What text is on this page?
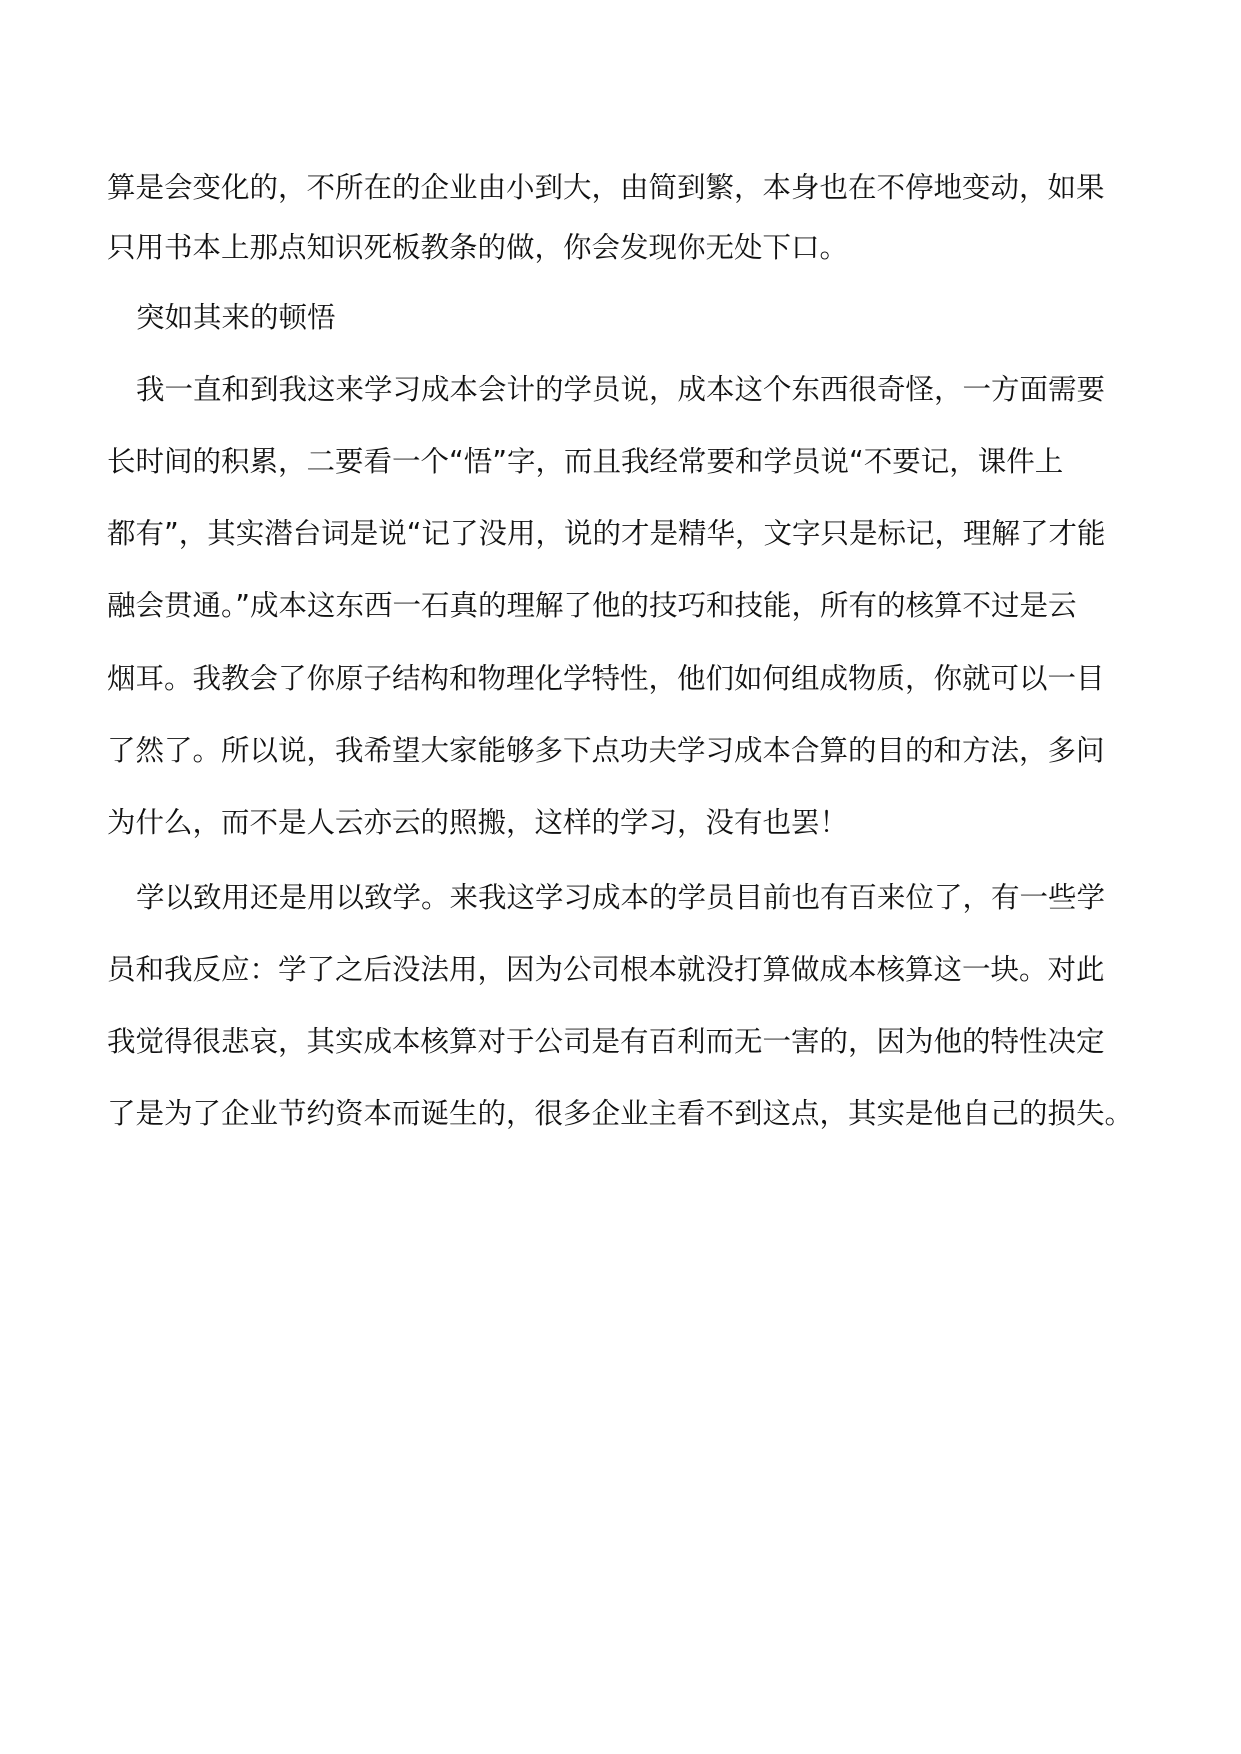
算是会变化的，不所在的企业由小到大，由简到繁，本身也在不停地变动，如果

只用书本上那点知识死板教条的做，你会发现你无处下口。

突如其来的顿悟

我一直和到我这来学习成本会计的学员说，成本这个东西很奇怪，一方面需要

长时间的积累，二要看一个“悟”字，而且我经常要和学员说“不要记，课件上

都有”，其实潜台词是说“记了没用，说的才是精华，文字只是标记，理解了才能

融会贯通。”成本这东西一石真的理解了他的技巧和技能，所有的核算不过是云

烟耳。我教会了你原子结构和物理化学特性，他们如何组成物质，你就可以一目

了然了。所以说，我希望大家能够多下点功夫学习成本合算的目的和方法，多问

为什么，而不是人云亦云的照搬，这样的学习，没有也罢！

学以致用还是用以致学。来我这学习成本的学员目前也有百来位了，有一些学

员和我反应：学了之后没法用，因为公司根本就没打算做成本核算这一块。对此

我觉得很悲哀，其实成本核算对于公司是有百利而无一害的，因为他的特性决定

了是为了企业节约资本而诞生的，很多企业主看不到这点，其实是他自己的损失。
